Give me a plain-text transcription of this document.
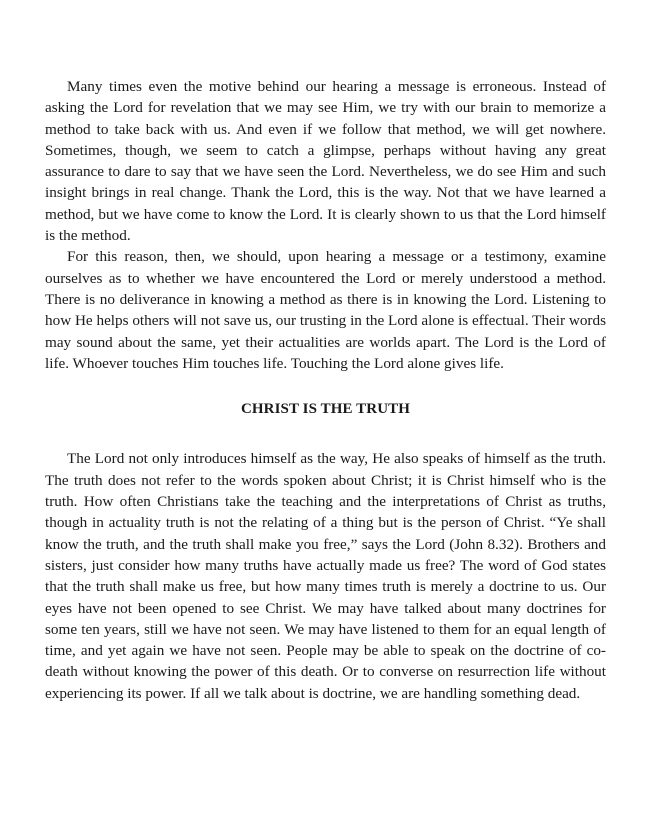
Many times even the motive behind our hearing a message is erroneous. Instead of asking the Lord for revelation that we may see Him, we try with our brain to memorize a method to take back with us. And even if we follow that method, we will get nowhere. Sometimes, though, we seem to catch a glimpse, perhaps without having any great assurance to dare to say that we have seen the Lord. Nevertheless, we do see Him and such insight brings in real change. Thank the Lord, this is the way. Not that we have learned a method, but we have come to know the Lord. It is clearly shown to us that the Lord himself is the method.

For this reason, then, we should, upon hearing a message or a testimony, examine ourselves as to whether we have encountered the Lord or merely understood a method. There is no deliverance in knowing a method as there is in knowing the Lord. Listening to how He helps others will not save us, our trusting in the Lord alone is effectual. Their words may sound about the same, yet their actualities are worlds apart. The Lord is the Lord of life. Whoever touches Him touches life. Touching the Lord alone gives life.

CHRIST IS THE TRUTH

The Lord not only introduces himself as the way, He also speaks of himself as the truth. The truth does not refer to the words spoken about Christ; it is Christ himself who is the truth. How often Christians take the teaching and the interpretations of Christ as truths, though in actuality truth is not the relating of a thing but is the person of Christ. “Ye shall know the truth, and the truth shall make you free,” says the Lord (John 8.32). Brothers and sisters, just consider how many truths have actually made us free? The word of God states that the truth shall make us free, but how many times truth is merely a doctrine to us. Our eyes have not been opened to see Christ. We may have talked about many doctrines for some ten years, still we have not seen. We may have listened to them for an equal length of time, and yet again we have not seen. People may be able to speak on the doctrine of co-death without knowing the power of this death. Or to converse on resurrection life without experiencing its power. If all we talk about is doctrine, we are handling something dead.
